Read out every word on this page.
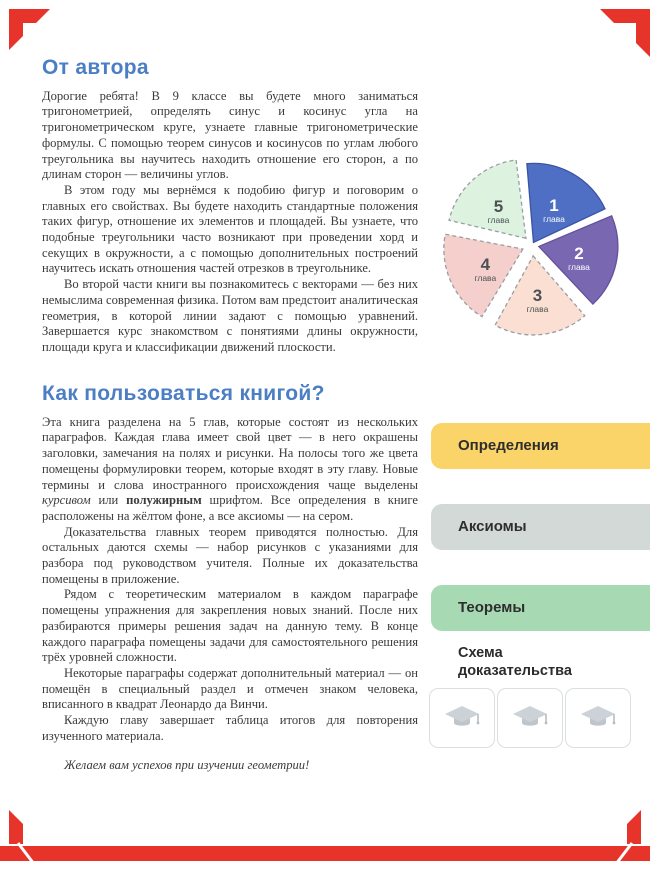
От автора

Дорогие ребята! В 9 классе вы будете много заниматься тригонометрией, определять синус и косинус угла на тригонометрическом круге, узнаете главные тригонометрические формулы. С помощью теорем синусов и косинусов по углам любого треугольника вы научитесь находить отношение его сторон, а по длинам сторон — величины углов.

В этом году мы вернёмся к подобию фигур и поговорим о главных его свойствах. Вы будете находить стандартные положения таких фигур, отношение их элементов и площадей. Вы узнаете, что подобные треугольники часто возникают при проведении хорд и секущих в окружности, а с помощью дополнительных построений научитесь искать отношения частей отрезков в треугольнике.

Во второй части книги вы познакомитесь с векторами — без них немыслима современная физика. Потом вам предстоит аналитическая геометрия, в которой линии задают с помощью уравнений. Завершается курс знакомством с понятиями длины окружности, площади круга и классификации движений плоскости.

Как пользоваться книгой?

Эта книга разделена на 5 глав, которые состоят из нескольких параграфов. Каждая глава имеет свой цвет — в него окрашены заголовки, замечания на полях и рисунки. На полосы того же цвета помещены формулировки теорем, которые входят в эту главу. Новые термины и слова иностранного происхождения чаще выделены курсивом или полужирным шрифтом. Все определения в книге расположены на жёлтом фоне, а все аксиомы — на сером.

Доказательства главных теорем приводятся полностью. Для остальных даются схемы — набор рисунков с указаниями для разбора под руководством учителя. Полные их доказательства помещены в приложение.

Рядом с теоретическим материалом в каждом параграфе помещены упражнения для закрепления новых знаний. После них разбираются примеры решения задач на данную тему. В конце каждого параграфа помещены задачи для самостоятельного решения трёх уровней сложности.

Некоторые параграфы содержат дополнительный материал — он помещён в специальный раздел и отмечен знаком человека, вписанного в квадрат Леонардо да Винчи.

Каждую главу завершает таблица итогов для повторения изученного материала.

Желаем вам успехов при изучении геометрии!

1
глава
2
глава
3
глава
4
глава
5
глава
Определения
Аксиомы
Теоремы
Схема доказательства
